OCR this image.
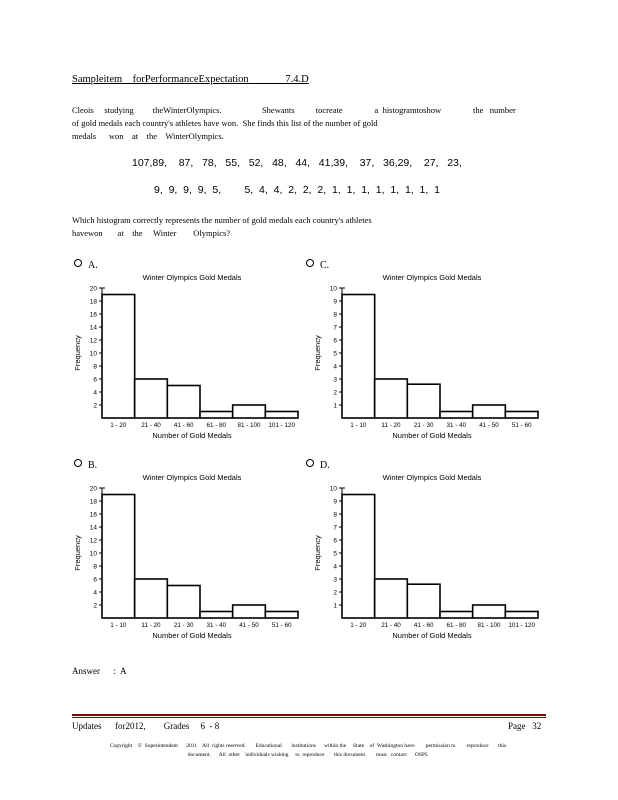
Sampleitem    forPerformanceExpectation              7.4.D
Cleois     studying         theWinterOlympics.                   Shewants          tocreate               a  histogramtoshow               the   number
of gold medals each country's athletes have won.  She finds this list of the number of gold
medals      won    at    the    WinterOlympics.
107,89,    87,   78,   55,   52,   48,   44,   41,39,    37,   36,29,    27,   23,
9,  9,  9,  9,  5,        5,  4,  4,  2,  2,  2,  1,  1,  1,  1,  1,  1,  1,  1
Which histogram correctly represents the number of gold medals each country's athletes
havewon       at    the     Winter        Olympics?
A.	C.
B.	D.
Winter Olympics Gold Medals
Frequency
2
4
6
8
10
12
14
16
18
20
1 - 20 21 - 40 41 - 60 61 - 80 81 - 100 101 - 120
Number of Gold Medals
Winter Olympics Gold Medals
Frequency
1
2
3
4
5
6
7
8
9
10
1 - 10 11 - 20 21 - 30 31 - 40 41 - 50 51 - 60
Number of Gold Medals
Winter Olympics Gold Medals
Frequency
2
4
6
8
10
12
14
16
18
20
1 - 10 11 - 20 21 - 30 31 - 40 41 - 50 51 - 60
Number of Gold Medals
Winter Olympics Gold Medals
Frequency
1
2
3
4
5
6
7
8
9
10
1 - 20 21 - 40 41 - 60 61 - 80 81 - 100 101 - 120
Number of Gold Medals
Answer      :  A
Updates      for2012,        Grades     6  - 8	Page   32
Copyright    ©  Superintendent      2011    All  rights reserved.       Educational       institutions      within the     State    of  Washington have        permission to        reproduce       this
document.      All  other    individuals wishing     to  reproduce       this document        must   contact      OSPI.
